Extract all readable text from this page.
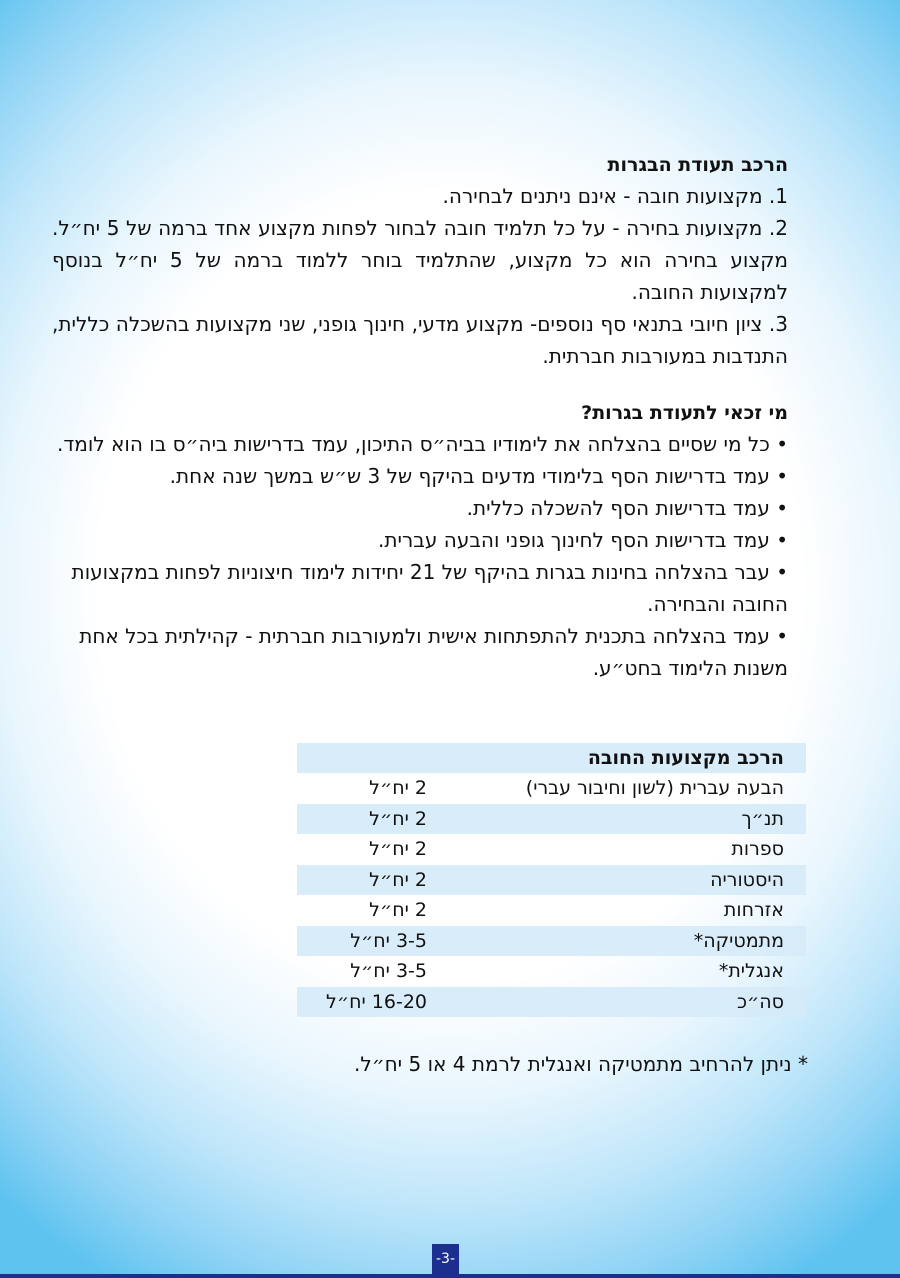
הרכב תעודת הבגרות

1. מקצועות חובה - אינם ניתנים לבחירה.

2. מקצועות בחירה - על כל תלמיד חובה לבחור לפחות מקצוע אחד ברמה של 5 יח״ל. מקצוע בחירה הוא כל מקצוע, שהתלמיד בוחר ללמוד ברמה של 5 יח״ל בנוסף למקצועות החובה.

3. ציון חיובי בתנאי סף נוספים- מקצוע מדעי, חינוך גופני, שני מקצועות בהשכלה כללית, התנדבות במעורבות חברתית.

מי זכאי לתעודת בגרות?

• כל מי שסיים בהצלחה את לימודיו בביה״ס התיכון, עמד בדרישות ביה״ס בו הוא לומד.

• עמד בדרישות הסף בלימודי מדעים בהיקף של 3 ש״ש במשך שנה אחת.

• עמד בדרישות הסף להשכלה כללית.

• עמד בדרישות הסף לחינוך גופני והבעה עברית.

• עבר בהצלחה בחינות בגרות בהיקף של 21 יחידות לימוד חיצוניות לפחות במקצועות החובה והבחירה.

• עמד בהצלחה בתכנית להתפתחות אישית ולמעורבות חברתית - קהילתית בכל אחת משנות הלימוד בחט״ע.

הרכב מקצועות החובה	
הבעה עברית (לשון וחיבור עברי)	2 יח״ל
תנ״ך	2 יח״ל
ספרות	2 יח״ל
היסטוריה	2 יח״ל
אזרחות	2 יח״ל
מתמטיקה*	3-5 יח״ל
אנגלית*	3-5 יח״ל
סה״כ	16-20 יח״ל
* ניתן להרחיב מתמטיקה ואנגלית לרמת 4 או 5 יח״ל.
-3-
